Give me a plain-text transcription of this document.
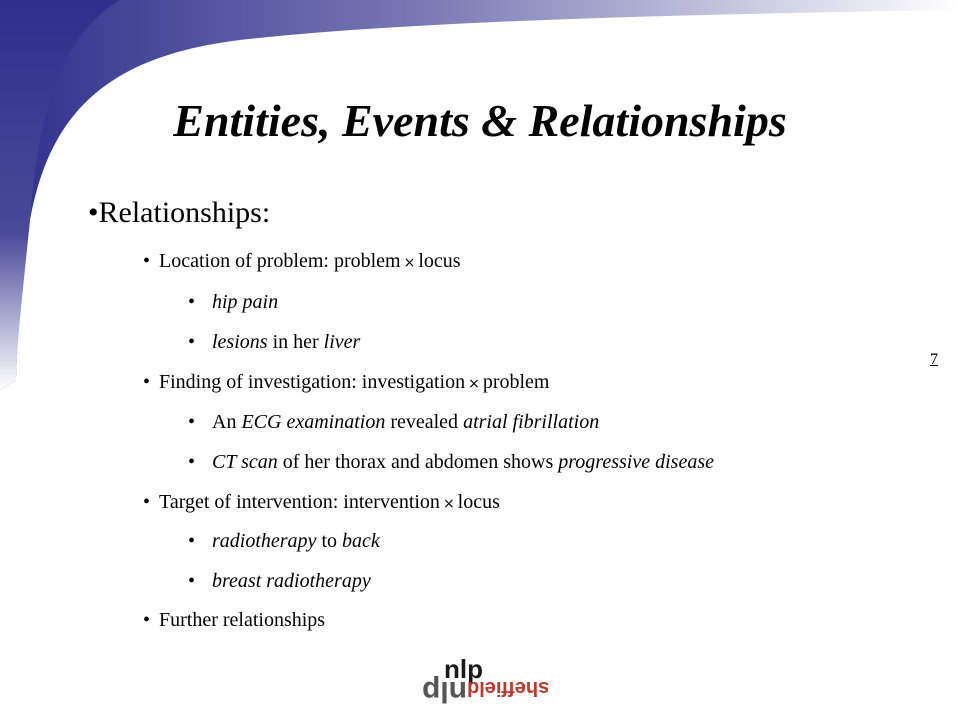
Entities, Events & Relationships
7
•Relationships:
• Location of problem: problem × locus
• hip pain
• lesions in her liver
• Finding of investigation: investigation × problem
• An ECG examination revealed atrial fibrillation
• CT scan of her thorax and abdomen shows progressive disease
• Target of intervention: intervention × locus
• radiotherapy to back
• breast radiotherapy
• Further relationships
nlp
sheffieldnlp
